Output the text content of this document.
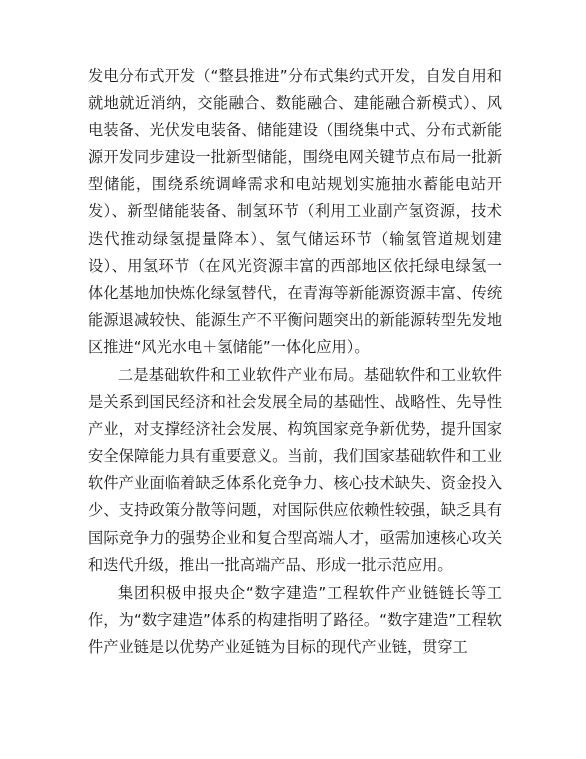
发电分布式开发（“整县推进”分布式集约式开发，自发自用和就地就近消纳，交能融合、数能融合、建能融合新模式）、风电装备、光伏发电装备、储能建设（围绕集中式、分布式新能源开发同步建设一批新型储能，围绕电网关键节点布局一批新型储能，围绕系统调峰需求和电站规划实施抽水蓄能电站开发）、新型储能装备、制氢环节（利用工业副产氢资源，技术迭代推动绿氢提量降本）、氢气储运环节（输氢管道规划建设）、用氢环节（在风光资源丰富的西部地区依托绿电绿氢一体化基地加快炼化绿氢替代，在青海等新能源资源丰富、传统能源退减较快、能源生产不平衡问题突出的新能源转型先发地区推进“风光水电＋氢储能”一体化应用）。

二是基础软件和工业软件产业布局。基础软件和工业软件是关系到国民经济和社会发展全局的基础性、战略性、先导性产业，对支撑经济社会发展、构筑国家竞争新优势，提升国家安全保障能力具有重要意义。当前，我们国家基础软件和工业软件产业面临着缺乏体系化竞争力、核心技术缺失、资金投入少、支持政策分散等问题，对国际供应依赖性较强，缺乏具有国际竞争力的强势企业和复合型高端人才，亟需加速核心攻关和迭代升级，推出一批高端产品、形成一批示范应用。

集团积极申报央企“数字建造”工程软件产业链链长等工作，为“数字建造”体系的构建指明了路径。“数字建造”工程软件产业链是以优势产业延链为目标的现代产业链，贯穿工
